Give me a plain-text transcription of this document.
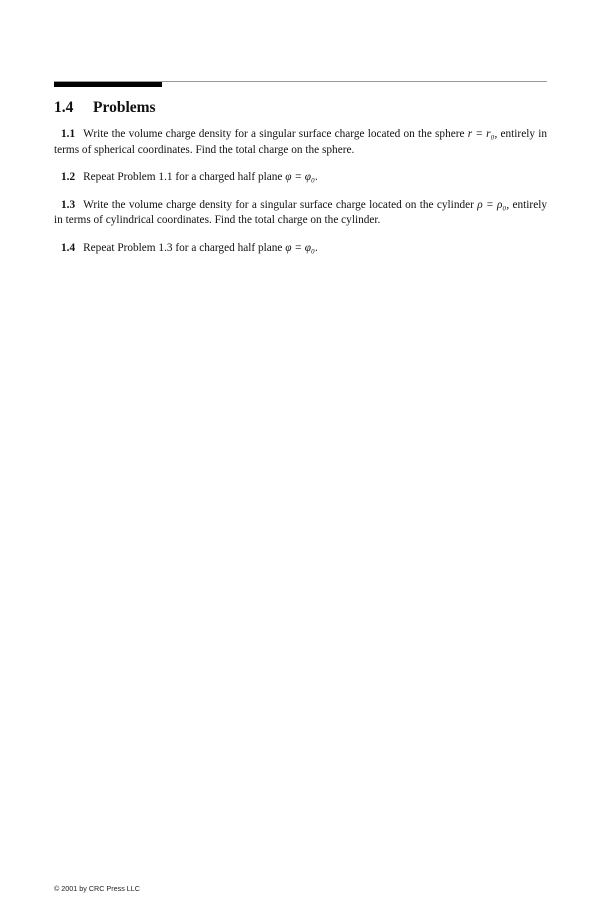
1.4 Problems

1.1 Write the volume charge density for a singular surface charge located on the sphere r = r₀, entirely in terms of spherical coordinates. Find the total charge on the sphere.

1.2 Repeat Problem 1.1 for a charged half plane φ = φ₀.

1.3 Write the volume charge density for a singular surface charge located on the cylinder ρ = ρ₀, entirely in terms of cylindrical coordinates. Find the total charge on the cylinder.

1.4 Repeat Problem 1.3 for a charged half plane φ = φ₀.

© 2001 by CRC Press LLC
